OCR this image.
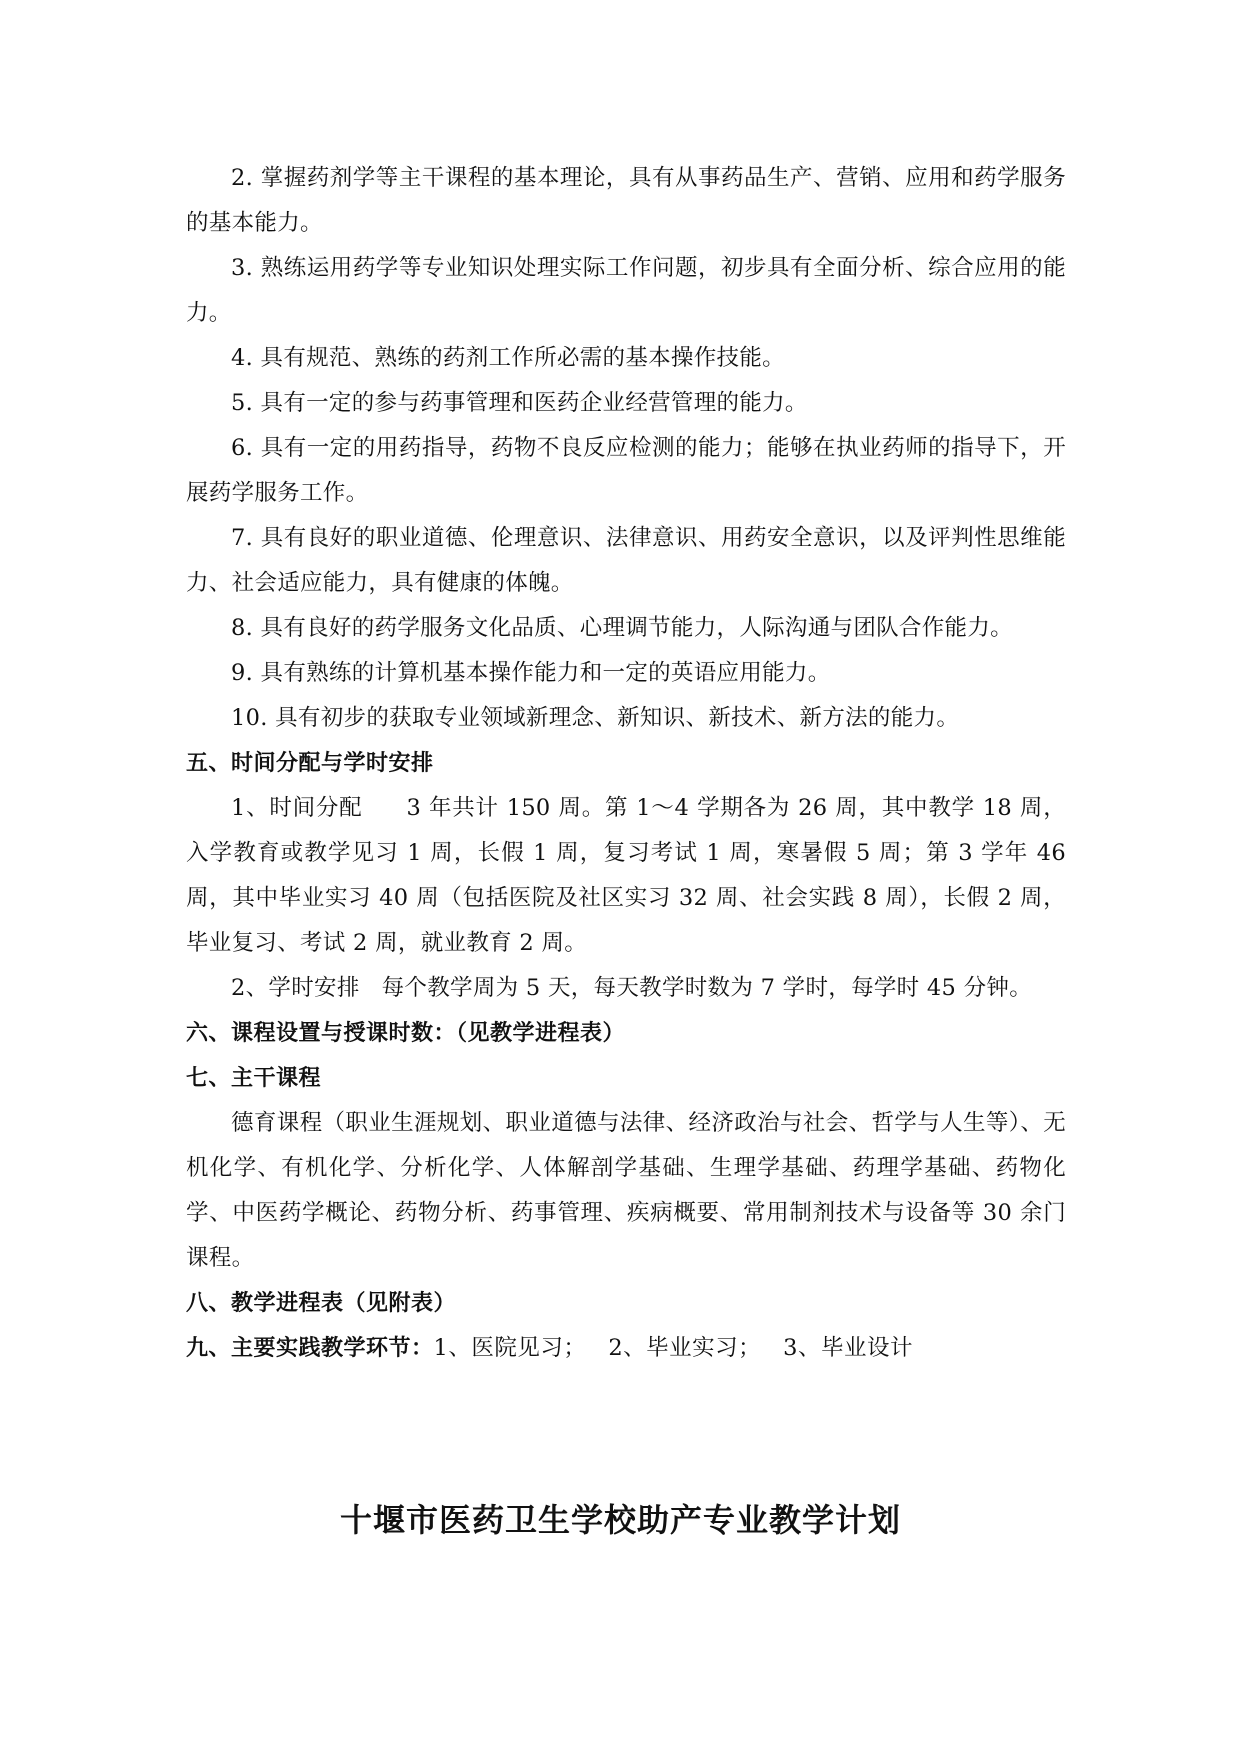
2. 掌握药剂学等主干课程的基本理论，具有从事药品生产、营销、应用和药学服务的基本能力。

3. 熟练运用药学等专业知识处理实际工作问题，初步具有全面分析、综合应用的能力。

4. 具有规范、熟练的药剂工作所必需的基本操作技能。

5. 具有一定的参与药事管理和医药企业经营管理的能力。

6. 具有一定的用药指导，药物不良反应检测的能力；能够在执业药师的指导下，开展药学服务工作。

7. 具有良好的职业道德、伦理意识、法律意识、用药安全意识，以及评判性思维能力、社会适应能力，具有健康的体魄。

8. 具有良好的药学服务文化品质、心理调节能力，人际沟通与团队合作能力。

9. 具有熟练的计算机基本操作能力和一定的英语应用能力。

10. 具有初步的获取专业领域新理念、新知识、新技术、新方法的能力。

五、时间分配与学时安排

1、时间分配 3 年共计 150 周。第 1～4 学期各为 26 周，其中教学 18 周，入学教育或教学见习 1 周，长假 1 周，复习考试 1 周，寒暑假 5 周；第 3 学年 46 周，其中毕业实习 40 周（包括医院及社区实习 32 周、社会实践 8 周），长假 2 周，毕业复习、考试 2 周，就业教育 2 周。

2、学时安排 每个教学周为 5 天，每天教学时数为 7 学时，每学时 45 分钟。

六、课程设置与授课时数：（见教学进程表）

七、主干课程

德育课程（职业生涯规划、职业道德与法律、经济政治与社会、哲学与人生等）、无机化学、有机化学、分析化学、人体解剖学基础、生理学基础、药理学基础、药物化学、中医药学概论、药物分析、药事管理、疾病概要、常用制剂技术与设备等 30 余门课程。

八、教学进程表（见附表）

九、主要实践教学环节：1、医院见习； 2、毕业实习； 3、毕业设计

十堰市医药卫生学校助产专业教学计划
